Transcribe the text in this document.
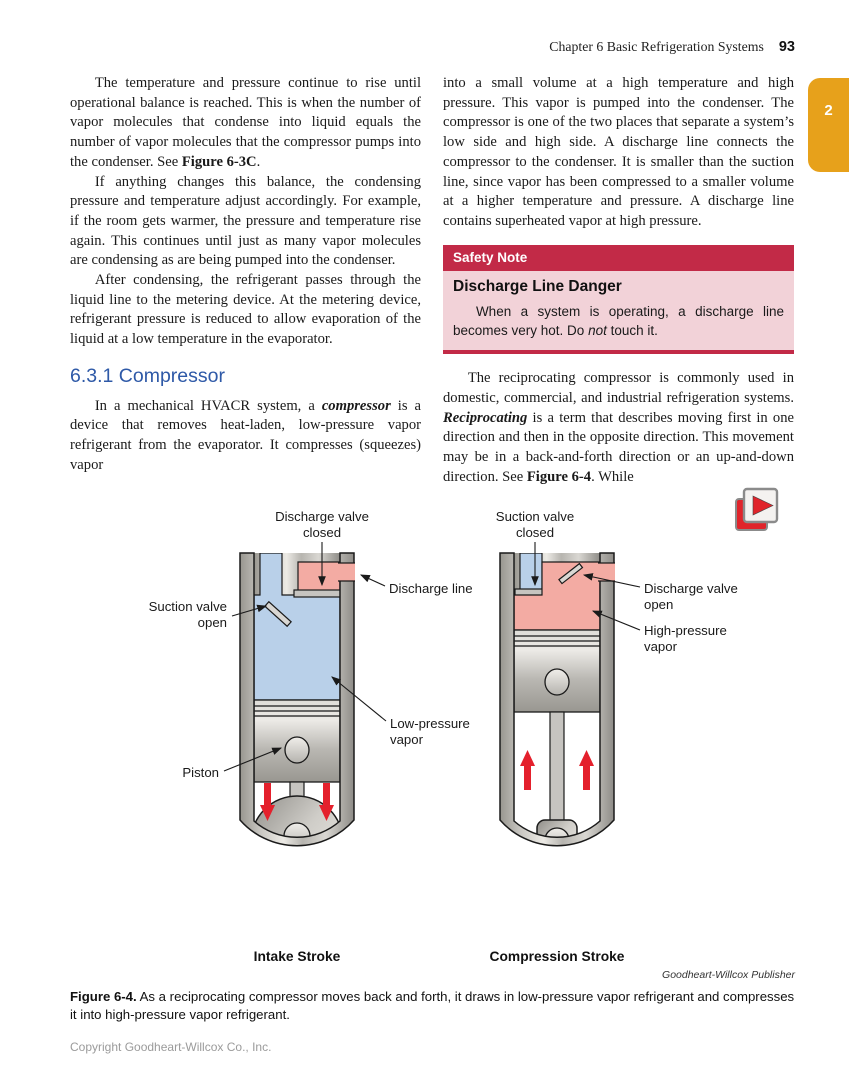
Chapter 6 Basic Refrigeration Systems 93
2

The temperature and pressure continue to rise until operational balance is reached. This is when the number of vapor molecules that condense into liquid equals the number of vapor molecules that the compressor pumps into the condenser. See Figure 6-3C.

If anything changes this balance, the condensing pressure and temperature adjust accordingly. For example, if the room gets warmer, the pressure and temperature rise again. This continues until just as many vapor molecules are condensing as are being pumped into the condenser.

After condensing, the refrigerant passes through the liquid line to the metering device. At the metering device, refrigerant pressure is reduced to allow evaporation of the liquid at a low temperature in the evaporator.

6.3.1 Compressor

In a mechanical HVACR system, a compressor is a device that removes heat-laden, low-pressure vapor refrigerant from the evaporator. It compresses (squeezes) vapor

into a small volume at a high temperature and high pressure. This vapor is pumped into the condenser. The compressor is one of the two places that separate a system’s low side and high side. A discharge line connects the compressor to the condenser. It is smaller than the suction line, since vapor has been compressed to a smaller volume at a higher temperature and pressure. A discharge line contains superheated vapor at high pressure.

Safety Note
Discharge Line Danger

When a system is operating, a discharge line becomes very hot. Do not touch it.

The reciprocating compressor is commonly used in domestic, commercial, and industrial refrigeration systems. Reciprocating is a term that describes moving first in one direction and then in the opposite direction. This movement may be in a back-and-forth direction or an up-and-down direction. See Figure 6-4. While

Discharge valve
closed
Discharge line
Suction valve
open
Low-pressure
vapor
Piston
Suction valve
closed
Discharge valve
open
High-pressure
vapor
Intake Stroke	Compression Stroke
Goodheart-Willcox Publisher
Figure 6-4. As a reciprocating compressor moves back and forth, it draws in low-pressure vapor refrigerant and compresses it into high-pressure vapor refrigerant.
Copyright Goodheart-Willcox Co., Inc.
